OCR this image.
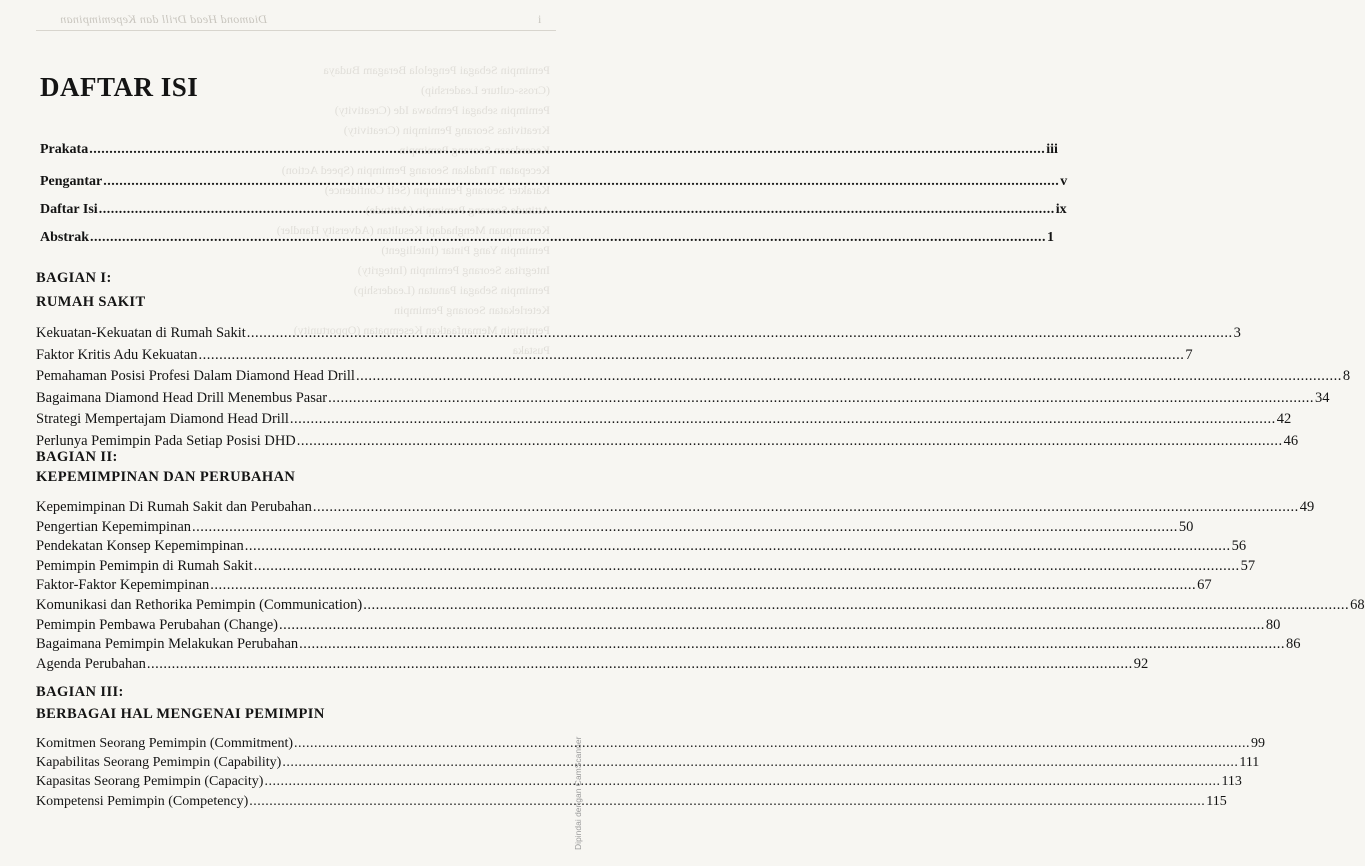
Diamond Head Drill dan Kepemimpinan	i
Pemimpin Sebagai Pengelola Beragam Budaya
(Cross-culture Leadership)
Pemimpin sebagai Pembawa Ide (Creativity)
Kreativitas Seorang Pemimpin (Creativity)
Kecerdasan Seorang Pemimpin
Kecepatan Tindakan Seorang Pemimpin (Speed Action)
Karakter Seorang Pemimpin (Self Confidence)
Attitude Seorang Pemimpin (Attitude)
Kemampuan Menghadapi Kesulitan (Adversity Handler)
Pemimpin Yang Pintar (Intelligent)
Integritas Seorang Pemimpin (Integrity)
Pemimpin Sebagai Panutan (Leadership)
Keterlekatan Seorang Pemimpin
Pemimpin Memanfaatkan Kesempatan (Opportunity)
Pustaka
DAFTAR ISI
Prakata .....	iii
Pengantar .....	v
Daftar Isi .....	ix
Abstrak .....	1
BAGIAN I:
RUMAH SAKIT
Kekuatan-Kekuatan di Rumah Sakit .....	3
Faktor Kritis Adu Kekuatan .....	7
Pemahaman Posisi Profesi Dalam Diamond Head Drill .....	8
Bagaimana Diamond Head Drill Menembus Pasar .....	34
Strategi Mempertajam Diamond Head Drill .....	42
Perlunya Pemimpin Pada Setiap Posisi DHD .....	46
BAGIAN II:
KEPEMIMPINAN DAN PERUBAHAN
Kepemimpinan Di Rumah Sakit dan Perubahan .....	49
Pengertian Kepemimpinan .....	50
Pendekatan Konsep Kepemimpinan .....	56
Pemimpin Pemimpin di Rumah Sakit .....	57
Faktor-Faktor Kepemimpinan .....	67
Komunikasi dan Rethorika Pemimpin (Communication) .....	68
Pemimpin Pembawa Perubahan (Change) .....	80
Bagaimana Pemimpin Melakukan Perubahan .....	86
Agenda Perubahan .....	92
BAGIAN III:
BERBAGAI HAL MENGENAI PEMIMPIN
Komitmen Seorang Pemimpin (Commitment) .....	99
Kapabilitas Seorang Pemimpin (Capability) .....	111
Kapasitas Seorang Pemimpin (Capacity) .....	113
Kompetensi Pemimpin (Competency) .....	115
Dipindai dengan CamScanner
